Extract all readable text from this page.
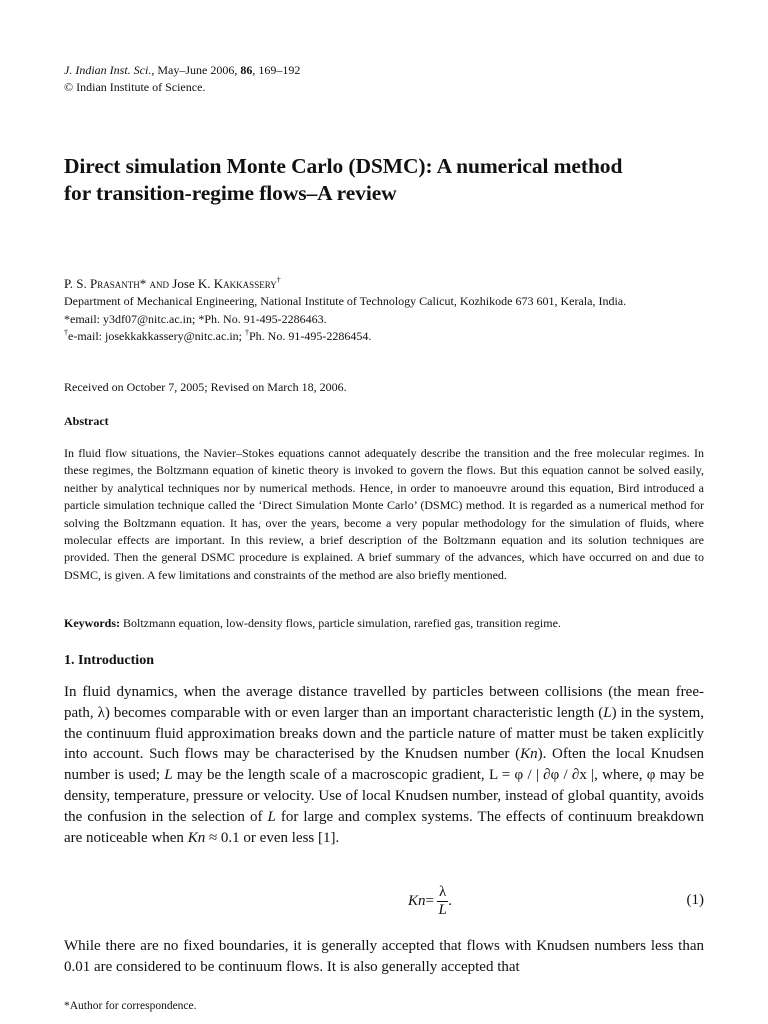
J. Indian Inst. Sci., May–June 2006, 86, 169–192
© Indian Institute of Science.
Direct simulation Monte Carlo (DSMC): A numerical method
for transition-regime flows–A review
P. S. Prasanth* and Jose K. Kakkassery†
Department of Mechanical Engineering, National Institute of Technology Calicut, Kozhikode 673 601, Kerala, India.
*email: y3df07@nitc.ac.in; *Ph. No. 91-495-2286463.
†e-mail: josekkakkassery@nitc.ac.in; †Ph. No. 91-495-2286454.
Received on October 7, 2005; Revised on March 18, 2006.
Abstract
In fluid flow situations, the Navier–Stokes equations cannot adequately describe the transition and the free molecular regimes. In these regimes, the Boltzmann equation of kinetic theory is invoked to govern the flows. But this equation cannot be solved easily, neither by analytical techniques nor by numerical methods. Hence, in order to manoeuvre around this equation, Bird introduced a particle simulation technique called the ‘Direct Simulation Monte Carlo’ (DSMC) method. It is regarded as a numerical method for solving the Boltzmann equation. It has, over the years, become a very popular methodology for the simulation of fluids, where molecular effects are important. In this review, a brief description of the Boltzmann equation and its solution techniques are provided. Then the general DSMC procedure is explained. A brief summary of the advances, which have occurred on and due to DSMC, is given. A few limitations and constraints of the method are also briefly mentioned.
Keywords: Boltzmann equation, low-density flows, particle simulation, rarefied gas, transition regime.
1. Introduction
In fluid dynamics, when the average distance travelled by particles between collisions (the mean free-path, λ) becomes comparable with or even larger than an important characteristic length (L) in the system, the continuum fluid approximation breaks down and the particle nature of matter must be taken explicitly into account. Such flows may be characterised by the Knudsen number (Kn). Often the local Knudsen number is used; L may be the length scale of a macroscopic gradient, L = φ / | ∂φ / ∂x |, where, φ may be density, temperature, pressure or velocity. Use of local Knudsen number, instead of global quantity, avoids the confusion in the selection of L for large and complex systems. The effects of continuum breakdown are noticeable when Kn ≈ 0.1 or even less [1].
$Kn = \frac{\lambda}{L}$ .	(1)
While there are no fixed boundaries, it is generally accepted that flows with Knudsen numbers less than 0.01 are considered to be continuum flows. It is also generally accepted that
*Author for correspondence.
